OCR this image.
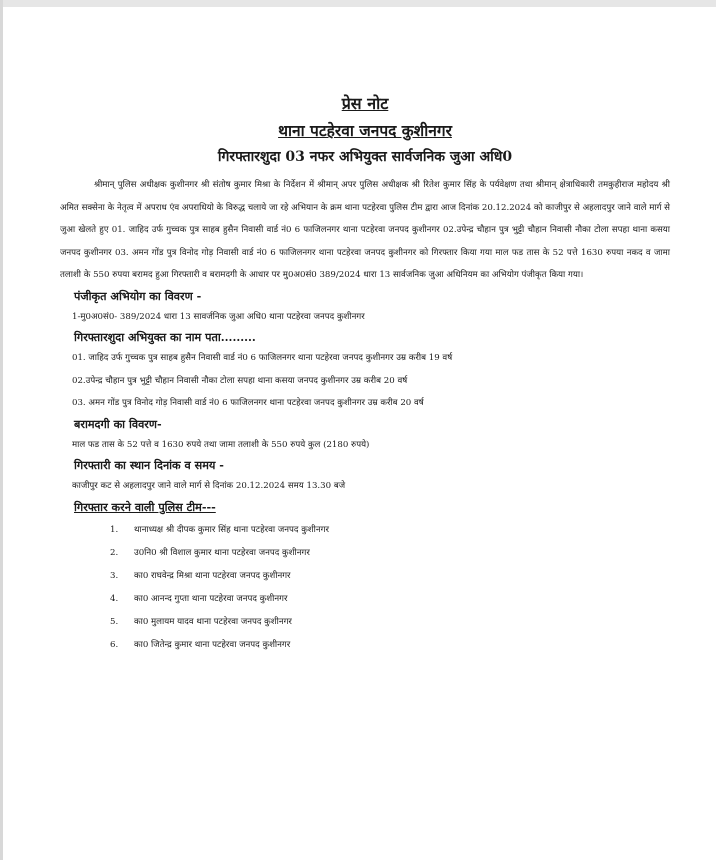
प्रेस नोट
थाना पटहेरवा जनपद कुशीनगर
गिरफ्तारशुदा 03 नफर अभियुक्त सार्वजनिक जुआ अधि0

श्रीमान् पुलिस अधीक्षक कुशीनगर श्री संतोष कुमार मिश्रा के निर्देशन में श्रीमान् अपर पुलिस अधीक्षक श्री रितेश कुमार सिंह के पर्यवेक्षण तथा श्रीमान् क्षेत्राधिकारी तमकुहीराज महोदय श्री अमित सक्सेना के नेतृत्व में अपराध एंव अपराधियो के विरुद्ध चलाये जा रहे अभियान के क्रम थाना पटहेरवा पुलिस टीम द्वारा आज दिनांक 20.12.2024 को काजीपुर से अहलादपुर जाने वाले मार्ग से जुआ खेलते हुए 01. जाहिद उर्फ गुच्चक पुत्र साहब हुसैन निवासी वार्ड नं0 6 फाजिलनगर थाना पटहेरवा जनपद कुशीनगर 02.उपेन्द्र चौहान पुत्र भुट्टी चौहान निवासी नौका टोला सपहा थाना कसया जनपद कुशीनगर 03. अमन गोंड पुत्र विनोद गोड़ निवासी वार्ड नं0 6 फाजिलनगर थाना पटहेरवा जनपद कुशीनगर को गिरफ्तार किया गया माल फड तास के 52 पत्ते 1630 रुपया नकद व जामा तलाशी के 550 रुपया बरामद हुआ गिरफ्तारी व बरामदगी के आधार पर मु0अ0सं0 389/2024 धारा 13 सार्वजनिक जुआ अधिनियम का अभियोग पंजीकृत किया गया।

पंजीकृत अभियोग का विवरण -
1-मु0अ0सं0- 389/2024 धारा 13 सावर्जनिक जुआ अधि0 थाना पटहेरवा जनपद कुशीनगर
गिरफ्तारशुदा अभियुक्त का नाम पता.........
01. जाहिद उर्फ गुच्चक पुत्र साहब हुसैन निवासी वार्ड नं0 6 फाजिलनगर थाना पटहेरवा जनपद कुशीनगर उम्र करीब 19 वर्ष
02.उपेन्द्र चौहान पुत्र भुट्टी चौहान निवासी नौका टोला सपहा थाना कसया जनपद कुशीनगर उम्र करीब 20 वर्ष
03. अमन गोंड पुत्र विनोद गोड़ निवासी वार्ड नं0 6 फाजिलनगर थाना पटहेरवा जनपद कुशीनगर उम्र करीब 20 वर्ष
बरामदगी का विवरण-
माल फड तास के 52 पत्ते व 1630 रुपये तथा जामा तलाशी के 550 रुपये कुल (2180 रुपये)
गिरफ्तारी का स्थान दिनांक व समय -
काजीपुर कट से अहलादपुर जाने वाले मार्ग से दिनांक 20.12.2024 समय 13.30 बजे
गिरफ्तार करने वाली पुलिस टीम---
1. थानाध्यक्ष श्री दीपक कुमार सिंह थाना पटहेरवा जनपद कुशीनगर
2. उ0नि0 श्री विशाल कुमार थाना पटहेरवा जनपद कुशीनगर
3. का0 राघवेन्द्र मिश्रा थाना पटहेरवा जनपद कुशीनगर
4. का0 आनन्द गुप्ता थाना पटहेरवा जनपद कुशीनगर
5. का0 मुलायम यादव थाना पटहेरवा जनपद कुशीनगर
6. का0 जितेन्द्र कुमार थाना पटहेरवा जनपद कुशीनगर
